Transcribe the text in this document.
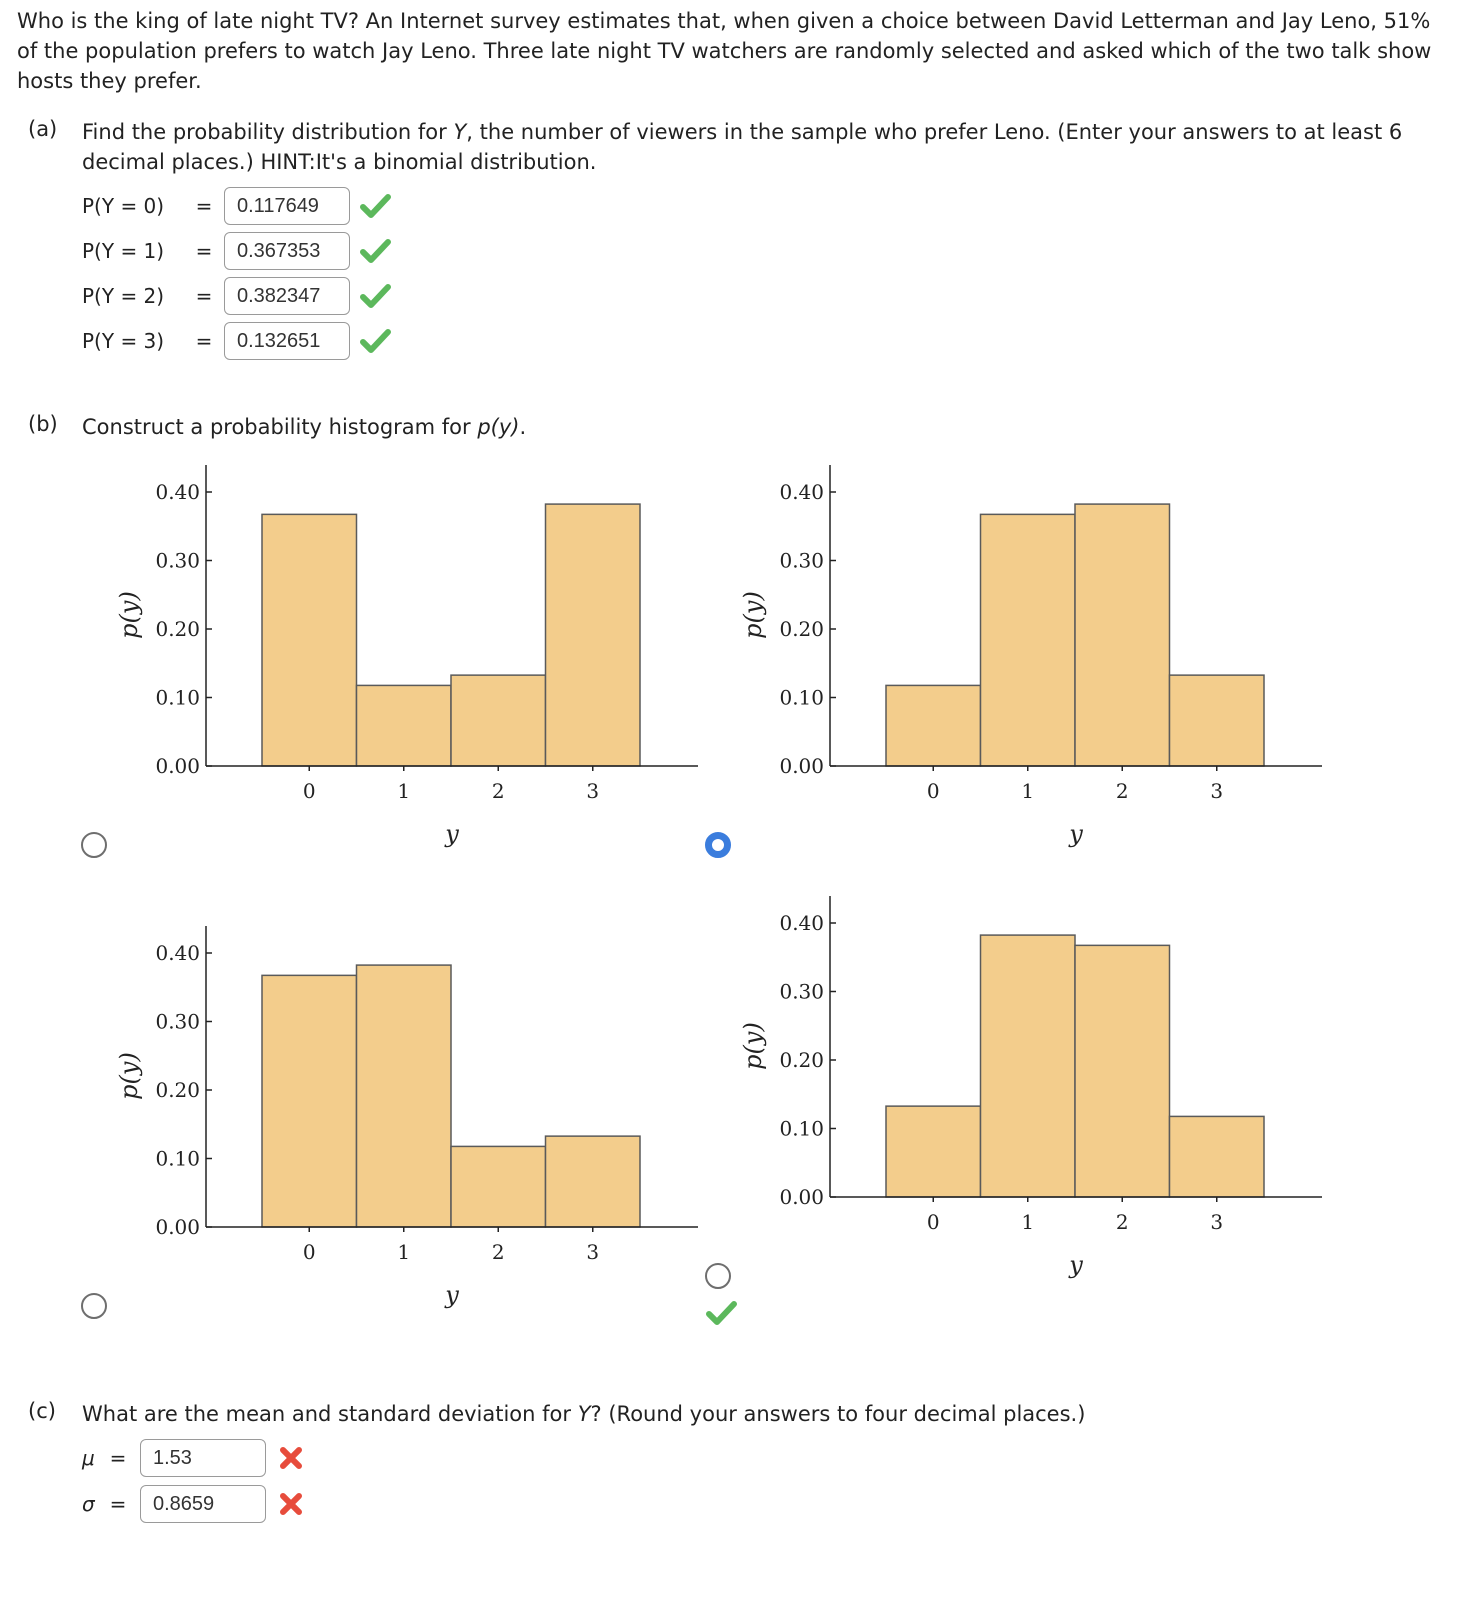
Who is the king of late night TV? An Internet survey estimates that, when given a choice between David Letterman and Jay Leno, 51% of the population prefers to watch Jay Leno. Three late night TV watchers are randomly selected and asked which of the two talk show hosts they prefer.
(a) Find the probability distribution for Y, the number of viewers in the sample who prefer Leno. (Enter your answers to at least 6 decimal places.) HINT:It's a binomial distribution.
P(Y = 0)	=	0.117649
P(Y = 1)	=	0.367353
P(Y = 2)	=	0.382347
P(Y = 3)	=	0.132651
(b) Construct a probability histogram for p(y).
0.00
0.10
0.20
0.30
0.40
0	1	2	3
y
p(y)
0.00
0.10
0.20
0.30
0.40
0	1	2	3
y
p(y)
0.00
0.10
0.20
0.30
0.40
0	1	2	3
y
p(y)
0.00
0.10
0.20
0.30
0.40
0	1	2	3
y
p(y)
(c) What are the mean and standard deviation for Y? (Round your answers to four decimal places.)
μ =	1.53
σ =	0.8659
